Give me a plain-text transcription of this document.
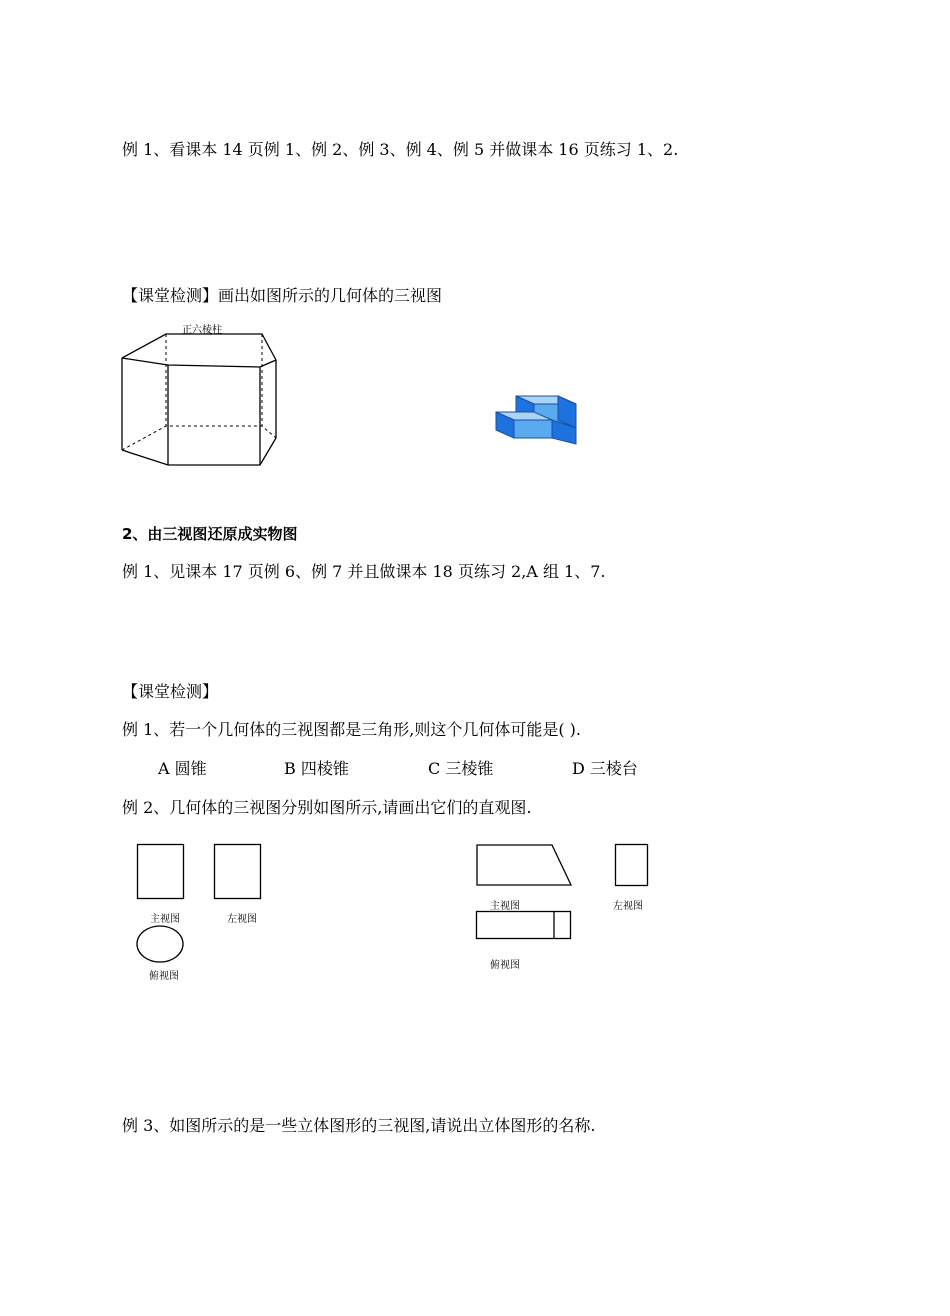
例 1、看课本 14 页例 1、例 2、例 3、例 4、例 5 并做课本 16 页练习 1、2.
【课堂检测】画出如图所示的几何体的三视图
正六棱柱
2、由三视图还原成实物图
例 1、见课本 17 页例 6、例 7 并且做课本 18 页练习 2,A 组 1、7.
【课堂检测】
例 1、若一个几何体的三视图都是三角形,则这个几何体可能是( ).
A 圆锥	B 四棱锥	C 三棱锥	D 三棱台
例 2、几何体的三视图分别如图所示,请画出它们的直观图.
主视图	左视图
俯视图
主视图	左视图
俯视图
例 3、如图所示的是一些立体图形的三视图,请说出立体图形的名称.
